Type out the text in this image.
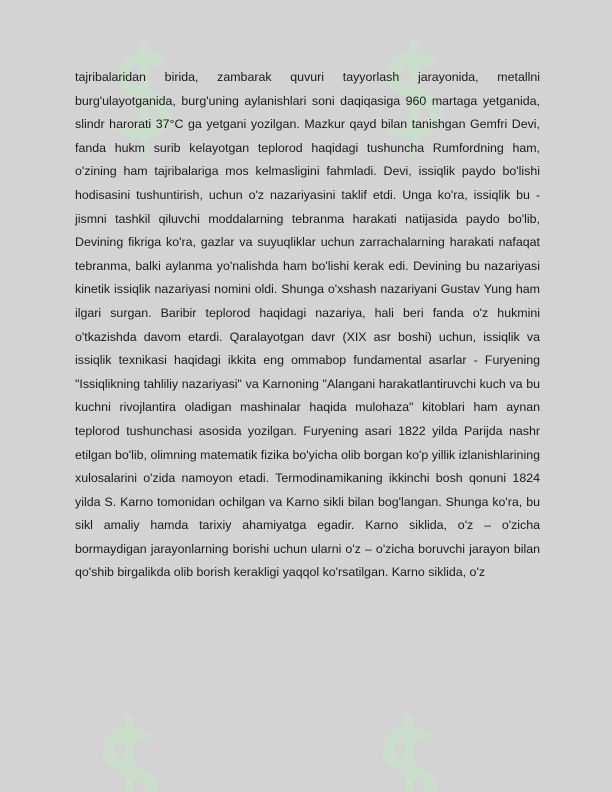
tajribalaridan birida, zambarak quvuri tayyorlash jarayonida, metallni burg'ulayotganida, burg'uning aylanishlari soni daqiqasiga 960 martaga yetganida, slindr harorati 37°C ga yetgani yozilgan. Mazkur qayd bilan tanishgan Gemfri Devi, fanda hukm surib kelayotgan teplorod haqidagi tushuncha Rumfordning ham, o'zining ham tajribalariga mos kelmasligini fahmladi. Devi, issiqlik paydo bo'lishi hodisasini tushuntirish, uchun o'z nazariyasini taklif etdi. Unga ko'ra, issiqlik bu - jismni tashkil qiluvchi moddalarning tebranma harakati natijasida paydo bo'lib, Devining fikriga ko'ra, gazlar va suyuqliklar uchun zarrachalarning harakati nafaqat tebranma, balki aylanma yo'nalishda ham bo'lishi kerak edi. Devining bu nazariyasi kinetik issiqlik nazariyasi nomini oldi. Shunga o'xshash nazariyani Gustav Yung ham ilgari surgan. Baribir teplorod haqidagi nazariya, hali beri fanda o'z hukmini o'tkazishda davom etardi. Qaralayotgan davr (XIX asr boshi) uchun, issiqlik va issiqlik texnikasi haqidagi ikkita eng ommabop fundamental asarlar - Furyening "Issiqlikning tahliliy nazariyasi" va Karnoning "Alangani harakatlantiruvchi kuch va bu kuchni rivojlantira oladigan mashinalar haqida mulohaza" kitoblari ham aynan teplorod tushunchasi asosida yozilgan. Furyening asari 1822 yilda Parijda nashr etilgan bo'lib, olimning matematik fizika bo'yicha olib borgan ko'p yillik izlanishlarining xulosalarini o'zida namoyon etadi. Termodinamikaning ikkinchi bosh qonuni 1824 yilda S. Karno tomonidan ochilgan va Karno sikli bilan bog'langan. Shunga ko'ra, bu sikl amaliy hamda tarixiy ahamiyatga egadir. Karno siklida, o'z – o'zicha bormaydigan jarayonlarning borishi uchun ularni o'z – o'zicha boruvchi jarayon bilan qo'shib birgalikda olib borish kerakligi yaqqol ko'rsatilgan. Karno siklida, o'z
